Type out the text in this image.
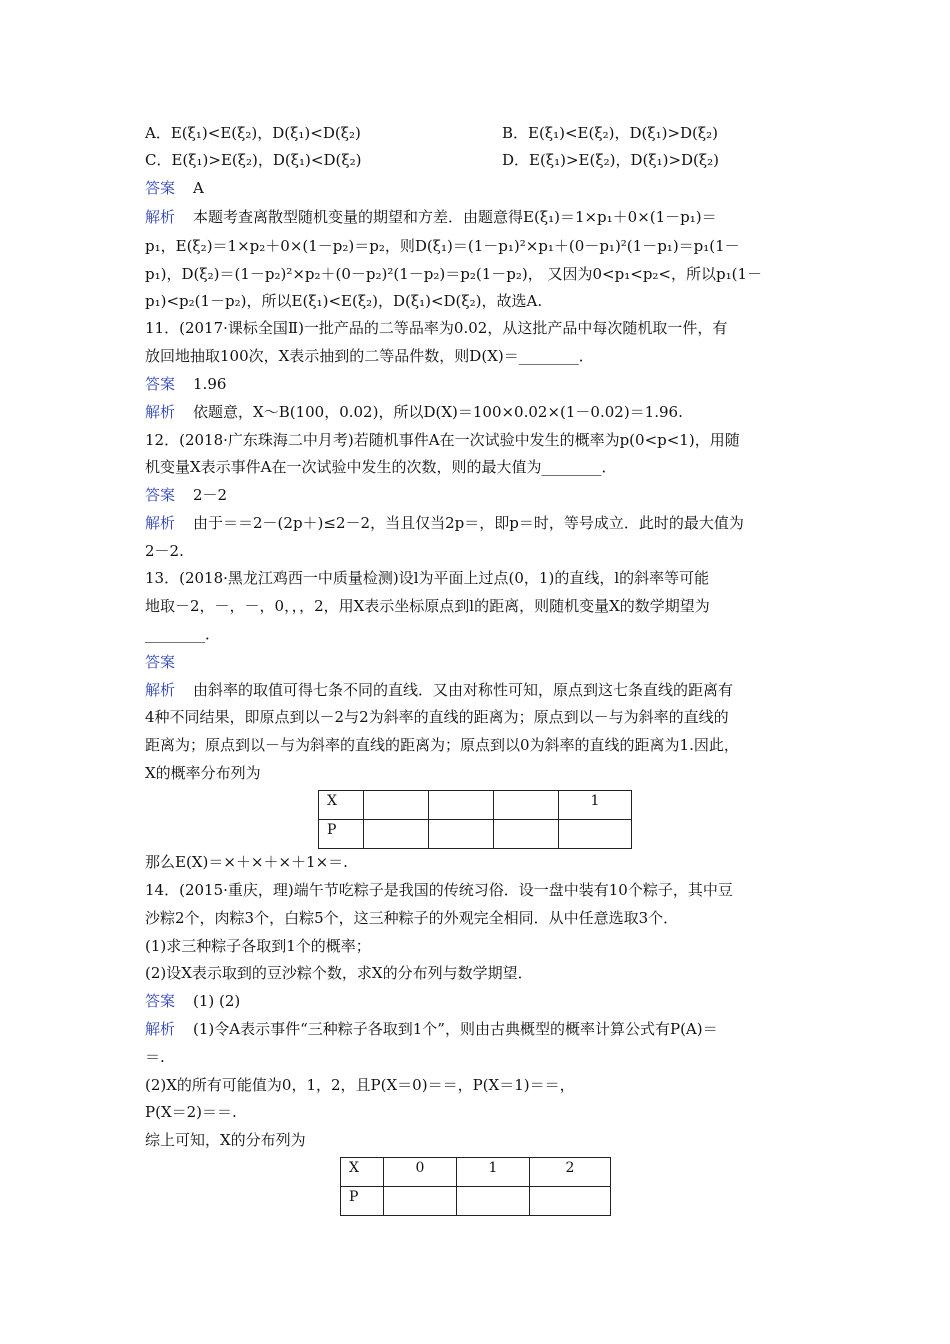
A．E(ξ₁)<E(ξ₂)，D(ξ₁)<D(ξ₂)	B．E(ξ₁)<E(ξ₂)，D(ξ₁)>D(ξ₂)
C．E(ξ₁)>E(ξ₂)，D(ξ₁)<D(ξ₂)	D．E(ξ₁)>E(ξ₂)，D(ξ₁)>D(ξ₂)
答案 A
解析 本题考查离散型随机变量的期望和方差．由题意得E(ξ₁)＝1×p₁＋0×(1－p₁)＝
p₁，E(ξ₂)＝1×p₂＋0×(1－p₂)＝p₂，则D(ξ₁)＝(1－p₁)²×p₁＋(0－p₁)²(1－p₁)＝p₁(1－
p₁)，D(ξ₂)＝(1－p₂)²×p₂＋(0－p₂)²(1－p₂)＝p₂(1－p₂)， 又因为0<p₁<p₂<，所以p₁(1－
p₁)<p₂(1－p₂)，所以E(ξ₁)<E(ξ₂)，D(ξ₁)<D(ξ₂)，故选A.
11．(2017·课标全国Ⅱ)一批产品的二等品率为0.02，从这批产品中每次随机取一件，有
放回地抽取100次，X表示抽到的二等品件数，则D(X)＝________．
答案 1.96
解析 依题意，X～B(100，0.02)，所以D(X)＝100×0.02×(1－0.02)＝1.96.
12．(2018·广东珠海二中月考)若随机事件A在一次试验中发生的概率为p(0<p<1)，用随
机变量X表示事件A在一次试验中发生的次数，则的最大值为________．
答案 2－2
解析 由于＝＝2－(2p＋)≤2－2，当且仅当2p＝，即p＝时，等号成立．此时的最大值为
2－2.
13．(2018·黑龙江鸡西一中质量检测)设l为平面上过点(0，1)的直线，l的斜率等可能
地取－2，－，－，0，，，2，用X表示坐标原点到l的距离，则随机变量X的数学期望为
________．
答案
解析 由斜率的取值可得七条不同的直线．又由对称性可知，原点到这七条直线的距离有
4种不同结果，即原点到以－2与2为斜率的直线的距离为；原点到以－与为斜率的直线的
距离为；原点到以－与为斜率的直线的距离为；原点到以0为斜率的直线的距离为1.因此，
X的概率分布列为
X				1
P				
那么E(X)＝×＋×＋×＋1×＝.
14．(2015·重庆，理)端午节吃粽子是我国的传统习俗．设一盘中装有10个粽子，其中豆
沙粽2个，肉粽3个，白粽5个，这三种粽子的外观完全相同．从中任意选取3个．
(1)求三种粽子各取到1个的概率；
(2)设X表示取到的豆沙粽个数，求X的分布列与数学期望．
答案 (1) (2)
解析 (1)令A表示事件“三种粽子各取到1个”，则由古典概型的概率计算公式有P(A)＝
＝.
(2)X的所有可能值为0，1，2，且P(X＝0)＝＝，P(X＝1)＝＝，
P(X＝2)＝＝.
综上可知，X的分布列为
X	0	1	2
P			
